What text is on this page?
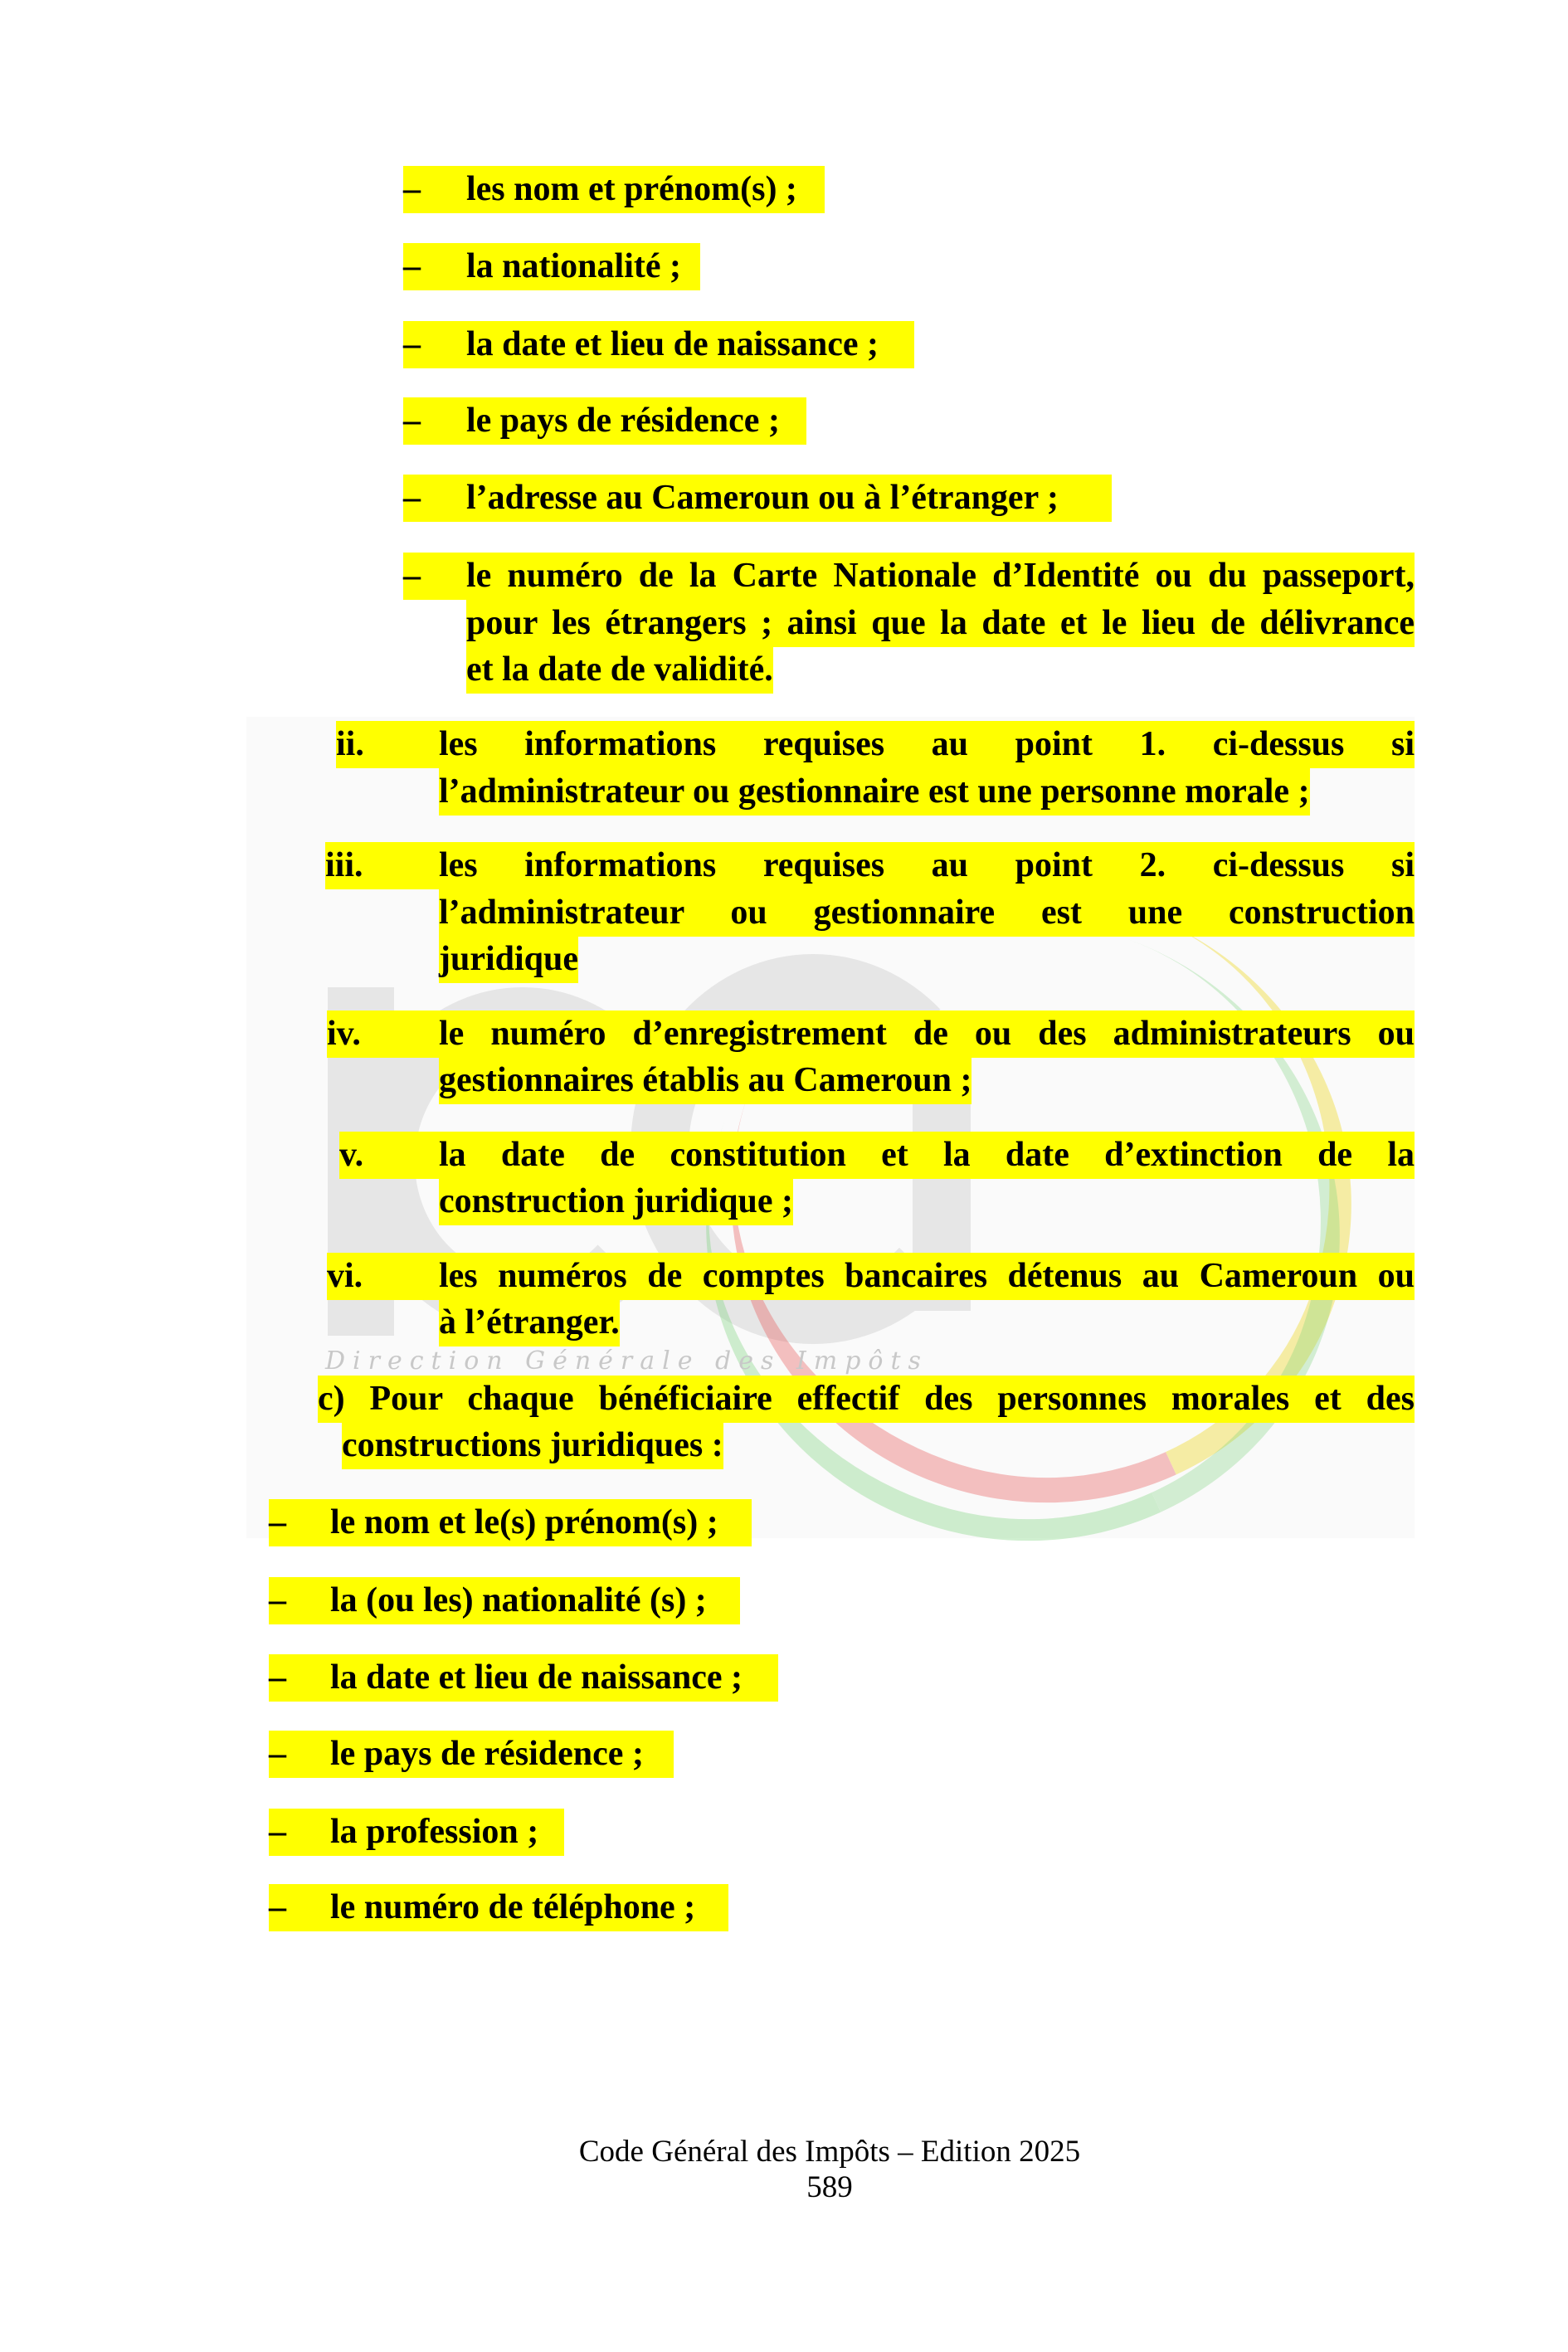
Direction Générale des Impôts
– les nom et prénom(s) ;
– la nationalité ;
– la date et lieu de naissance ;
– le pays de résidence ;
– l’adresse au Cameroun ou à l’étranger ;
–	le numéro de la Carte Nationale d’Identité ou du passeport,
pour les étrangers ; ainsi que la date et le lieu de délivrance
et la date de validité.
ii.	les informations requises au point 1. ci-dessus si
l’administrateur ou gestionnaire est une personne morale ;
iii.	les informations requises au point 2. ci-dessus si
l’administrateur ou gestionnaire est une construction
juridique
iv.	le numéro d’enregistrement de ou des administrateurs ou
gestionnaires établis au Cameroun ;
v.	la date de constitution et la date d’extinction de la
construction juridique ;
vi.	les numéros de comptes bancaires détenus au Cameroun ou
à l’étranger.
c) Pour chaque bénéficiaire effectif des personnes morales et des
constructions juridiques :
– le nom et le(s) prénom(s) ;
– la (ou les) nationalité (s) ;
– la date et lieu de naissance ;
– le pays de résidence ;
– la profession ;
– le numéro de téléphone ;
Code Général des Impôts – Edition 2025
589
